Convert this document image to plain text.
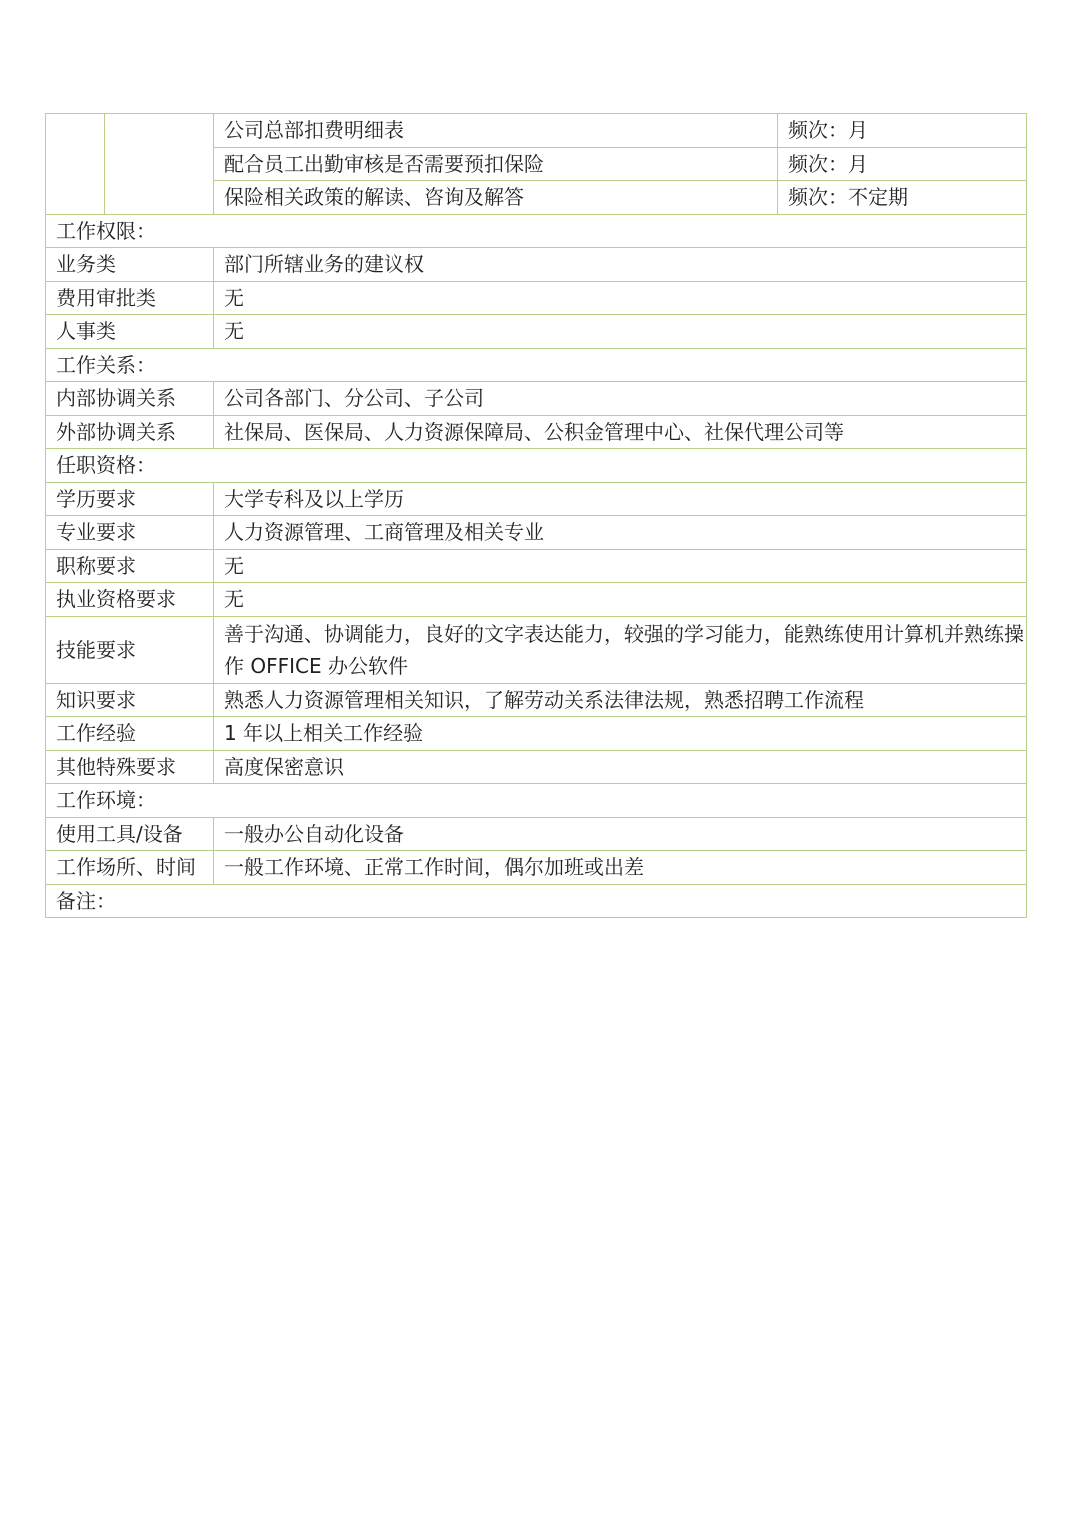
		公司总部扣费明细表	频次：月
		配合员工出勤审核是否需要预扣保险	频次：月
		保险相关政策的解读、咨询及解答	频次：不定期
工作权限：			
业务类		部门所辖业务的建议权	
费用审批类		无	
人事类		无	
工作关系：			
内部协调关系		公司各部门、分公司、子公司	
外部协调关系		社保局、医保局、人力资源保障局、公积金管理中心、社保代理公司等	
任职资格：			
学历要求		大学专科及以上学历	
专业要求		人力资源管理、工商管理及相关专业	
职称要求		无	
执业资格要求		无	
技能要求		善于沟通、协调能力，良好的文字表达能力，较强的学习能力，能熟练使用计算机并熟练操作 OFFICE 办公软件	
知识要求		熟悉人力资源管理相关知识，了解劳动关系法律法规，熟悉招聘工作流程	
工作经验		1 年以上相关工作经验	
其他特殊要求		高度保密意识	
工作环境：			
使用工具/设备		一般办公自动化设备	
工作场所、时间		一般工作环境、正常工作时间，偶尔加班或出差	
备注：			
